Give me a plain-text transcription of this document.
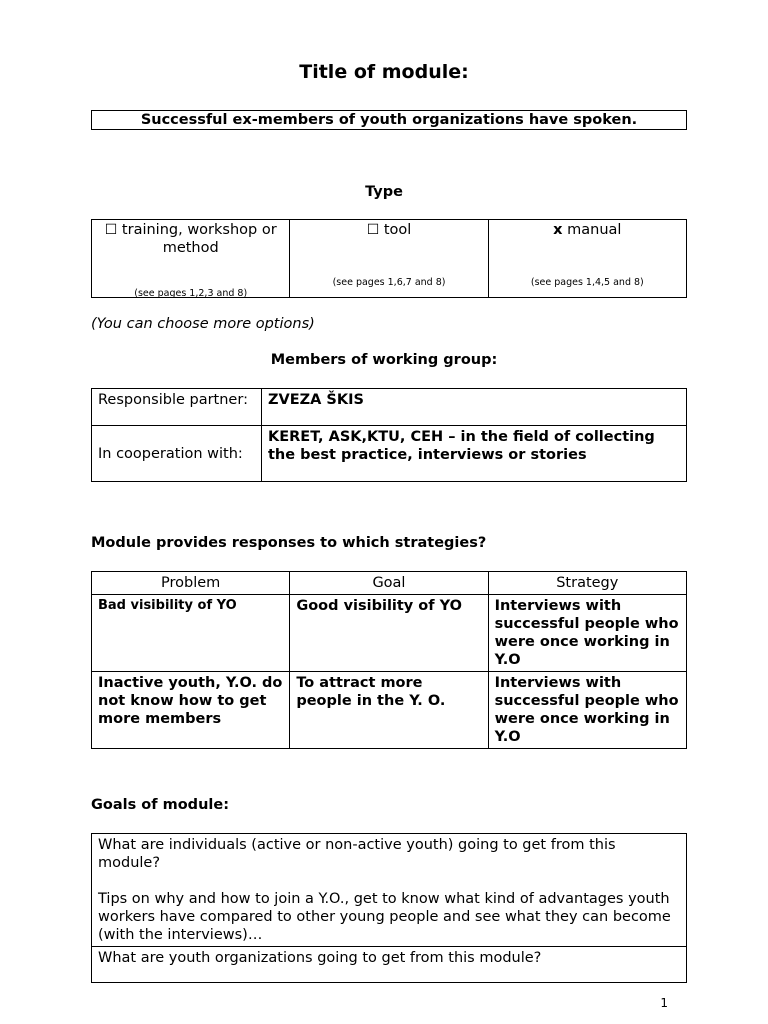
Title of module:
Successful ex-members of youth organizations have spoken.
Type
☐ training, workshop or method
(see pages 1,2,3 and 8)
	☐ tool
(see pages 1,6,7 and 8)
	x manual
(see pages 1,4,5 and 8)
(You can choose more options)
Members of working group:
Responsible partner:	ZVEZA ŠKIS
In cooperation with:	KERET, ASK,KTU, CEH – in the field of collecting the best practice, interviews or stories
Module provides responses to which strategies?
Problem	Goal	Strategy
Bad visibility of YO	Good visibility of YO	Interviews with successful people who were once working in Y.O
Inactive youth, Y.O. do not know how to get more members	To attract more people in the Y. O.	Interviews with successful people who were once working in Y.O
Goals of module:
What are individuals (active or non-active youth) going to get from this module?
Tips on why and how to join a Y.O., get to know what kind of advantages youth workers have compared to other young people and see what they can become (with the interviews)…

What are youth organizations going to get from this module?
1
